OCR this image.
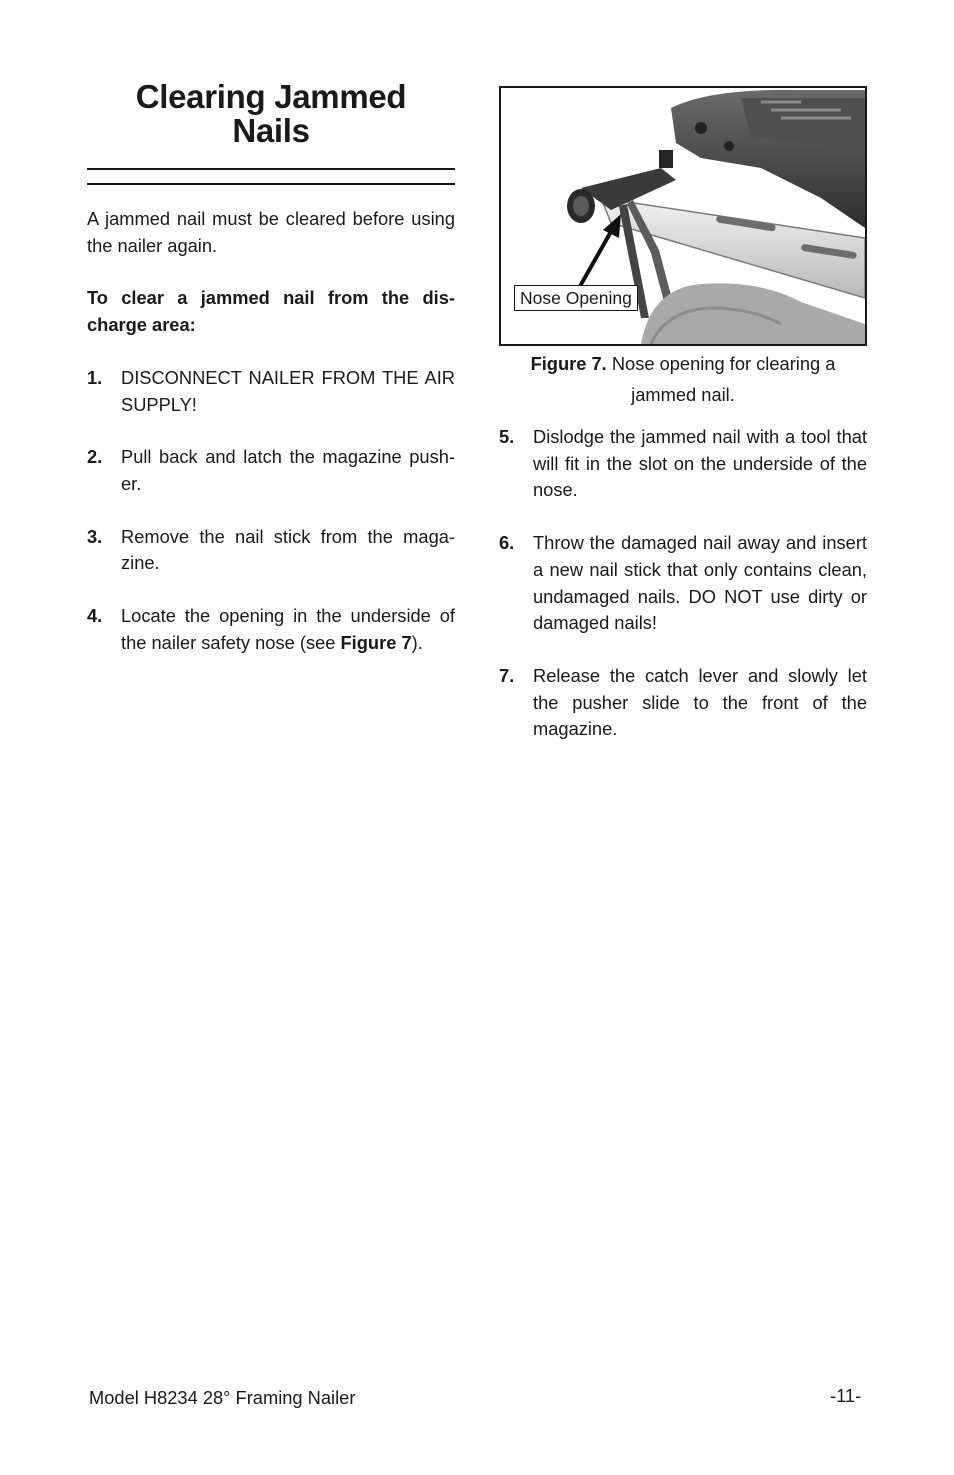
Clearing Jammed
Nails

A jammed nail must be cleared before using the nailer again.

To clear a jammed nail from the dis-charge area:

1. DISCONNECT NAILER FROM THE AIR SUPPLY!
2. Pull back and latch the magazine push-er.
3. Remove the nail stick from the maga-zine.
4. Locate the opening in the underside of the nailer safety nose (see Figure 7).
Nose Opening
Figure 7. Nose opening for clearing a
jammed nail.
5. Dislodge the jammed nail with a tool that will fit in the slot on the underside of the nose.
6. Throw the damaged nail away and insert a new nail stick that only contains clean, undamaged nails. DO NOT use dirty or damaged nails!
7. Release the catch lever and slowly let the pusher slide to the front of the magazine.
Model H8234 28° Framing Nailer	-11-
